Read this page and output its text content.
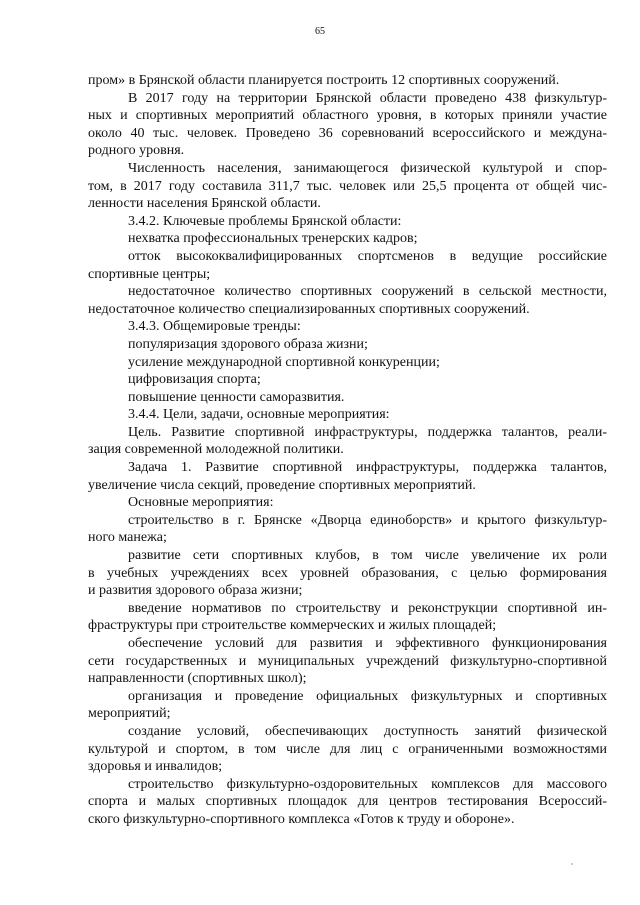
65
пром» в Брянской области планируется построить 12 спортивных сооружений.
В 2017 году на территории Брянской области проведено 438 физкультур-
ных и спортивных мероприятий областного уровня, в которых приняли участие
около 40 тыс. человек. Проведено 36 соревнований всероссийского и междуна-
родного уровня.
Численность населения, занимающегося физической культурой и спор-
том, в 2017 году составила 311,7 тыс. человек или 25,5 процента от общей чис-
ленности населения Брянской области.
3.4.2. Ключевые проблемы Брянской области:
нехватка профессиональных тренерских кадров;
отток высококвалифицированных спортсменов в ведущие российские
спортивные центры;
недостаточное количество спортивных сооружений в сельской местности,
недостаточное количество специализированных спортивных сооружений.
3.4.3. Общемировые тренды:
популяризация здорового образа жизни;
усиление международной спортивной конкуренции;
цифровизация спорта;
повышение ценности саморазвития.
3.4.4. Цели, задачи, основные мероприятия:
Цель. Развитие спортивной инфраструктуры, поддержка талантов, реали-
зация современной молодежной политики.
Задача 1. Развитие спортивной инфраструктуры, поддержка талантов,
увеличение числа секций, проведение спортивных мероприятий.
Основные мероприятия:
строительство в г. Брянске «Дворца единоборств» и крытого физкультур-
ного манежа;
развитие сети спортивных клубов, в том числе увеличение их роли
в учебных учреждениях всех уровней образования, с целью формирования
и развития здорового образа жизни;
введение нормативов по строительству и реконструкции спортивной ин-
фраструктуры при строительстве коммерческих и жилых площадей;
обеспечение условий для развития и эффективного функционирования
сети государственных и муниципальных учреждений физкультурно-спортивной
направленности (спортивных школ);
организация и проведение официальных физкультурных и спортивных
мероприятий;
создание условий, обеспечивающих доступность занятий физической
культурой и спортом, в том числе для лиц с ограниченными возможностями
здоровья и инвалидов;
строительство физкультурно-оздоровительных комплексов для массового
спорта и малых спортивных площадок для центров тестирования Всероссий-
ского физкультурно-спортивного комплекса «Готов к труду и обороне».
